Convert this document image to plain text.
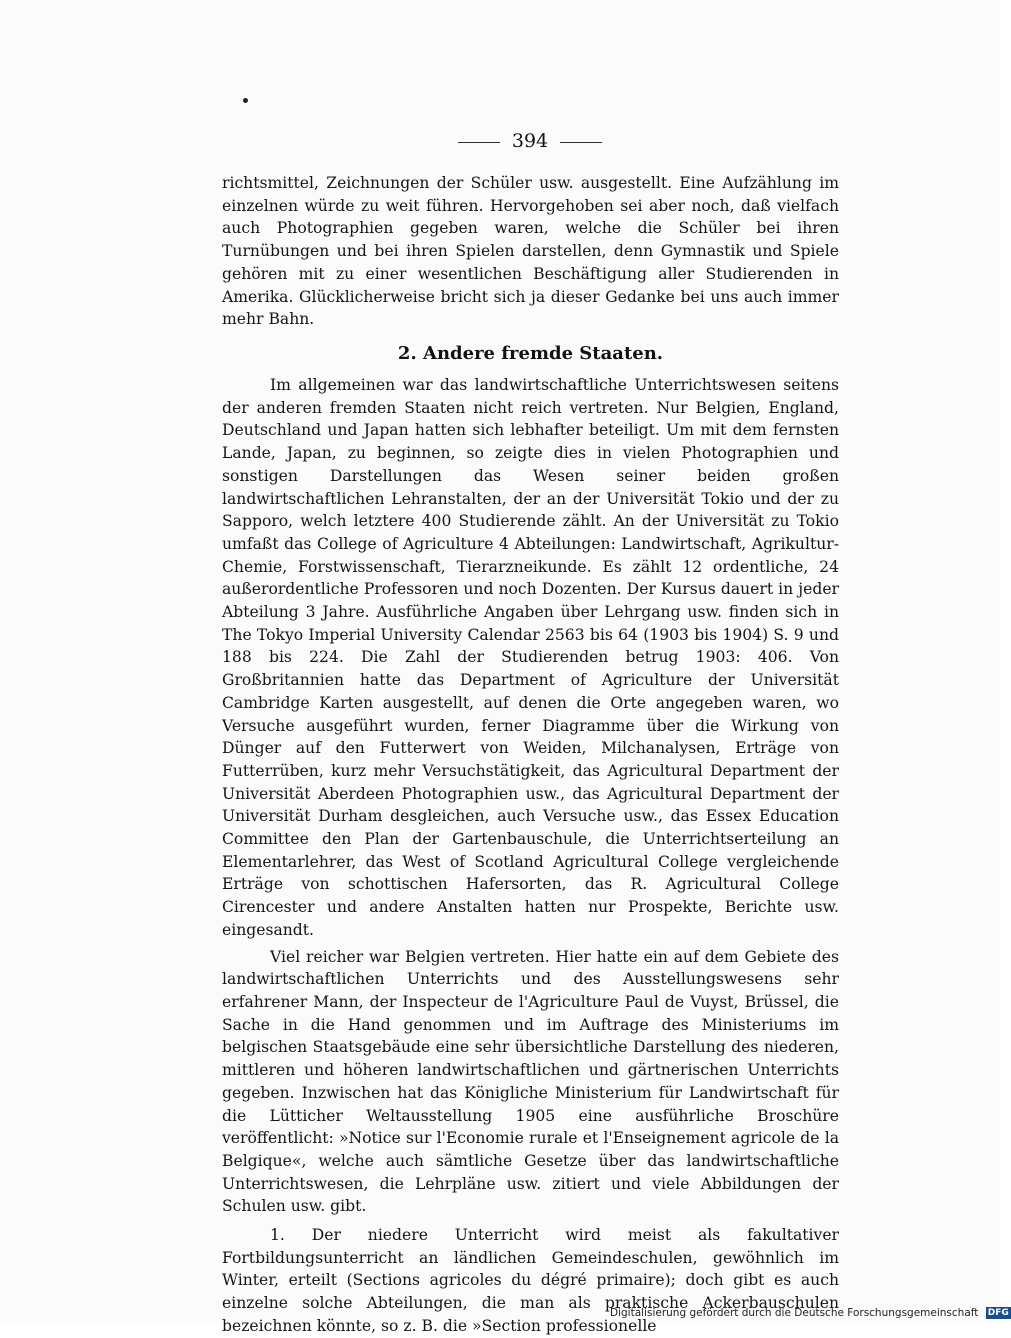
394

richtsmittel, Zeichnungen der Schüler usw. ausgestellt. Eine Aufzählung im einzelnen würde zu weit führen. Hervorgehoben sei aber noch, daß vielfach auch Photographien gegeben waren, welche die Schüler bei ihren Turnübungen und bei ihren Spielen darstellen, denn Gymnastik und Spiele gehören mit zu einer wesentlichen Beschäftigung aller Studierenden in Amerika. Glücklicherweise bricht sich ja dieser Gedanke bei uns auch immer mehr Bahn.

2. Andere fremde Staaten.

Im allgemeinen war das landwirtschaftliche Unterrichtswesen seitens der anderen fremden Staaten nicht reich vertreten. Nur Belgien, England, Deutschland und Japan hatten sich lebhafter beteiligt. Um mit dem fernsten Lande, Japan, zu beginnen, so zeigte dies in vielen Photographien und sonstigen Darstellungen das Wesen seiner beiden großen landwirtschaftlichen Lehranstalten, der an der Universität Tokio und der zu Sapporo, welch letztere 400 Studierende zählt. An der Universität zu Tokio umfaßt das College of Agriculture 4 Abteilungen: Landwirtschaft, Agrikultur-Chemie, Forstwissenschaft, Tierarzneikunde. Es zählt 12 ordentliche, 24 außerordentliche Professoren und noch Dozenten. Der Kursus dauert in jeder Abteilung 3 Jahre. Ausführliche Angaben über Lehrgang usw. finden sich in The Tokyo Imperial University Calendar 2563 bis 64 (1903 bis 1904) S. 9 und 188 bis 224. Die Zahl der Studierenden betrug 1903: 406. Von Großbritannien hatte das Department of Agriculture der Universität Cambridge Karten ausgestellt, auf denen die Orte angegeben waren, wo Versuche ausgeführt wurden, ferner Diagramme über die Wirkung von Dünger auf den Futterwert von Weiden, Milchanalysen, Erträge von Futterrüben, kurz mehr Versuchstätigkeit, das Agricultural Department der Universität Aberdeen Photographien usw., das Agricultural Department der Universität Durham desgleichen, auch Versuche usw., das Essex Education Committee den Plan der Gartenbauschule, die Unterrichtserteilung an Elementarlehrer, das West of Scotland Agricultural College vergleichende Erträge von schottischen Hafersorten, das R. Agricultural College Cirencester und andere Anstalten hatten nur Prospekte, Berichte usw. eingesandt.

Viel reicher war Belgien vertreten. Hier hatte ein auf dem Gebiete des landwirtschaftlichen Unterrichts und des Ausstellungswesens sehr erfahrener Mann, der Inspecteur de l'Agriculture Paul de Vuyst, Brüssel, die Sache in die Hand genommen und im Auftrage des Ministeriums im belgischen Staatsgebäude eine sehr übersichtliche Darstellung des niederen, mittleren und höheren landwirtschaftlichen und gärtnerischen Unterrichts gegeben. Inzwischen hat das Königliche Ministerium für Landwirtschaft für die Lütticher Weltausstellung 1905 eine ausführliche Broschüre veröffentlicht: »Notice sur l'Economie rurale et l'Enseignement agricole de la Belgique«, welche auch sämtliche Gesetze über das landwirtschaftliche Unterrichtswesen, die Lehrpläne usw. zitiert und viele Abbildungen der Schulen usw. gibt.

1. Der niedere Unterricht wird meist als fakultativer Fortbildungsunterricht an ländlichen Gemeindeschulen, gewöhnlich im Winter, erteilt (Sections agricoles du dégré primaire); doch gibt es auch einzelne solche Abteilungen, die man als praktische Ackerbauschulen bezeichnen könnte, so z. B. die »Section professionelle

Digitalisierung gefördert durch die Deutsche Forschungsgemeinschaft DFG
